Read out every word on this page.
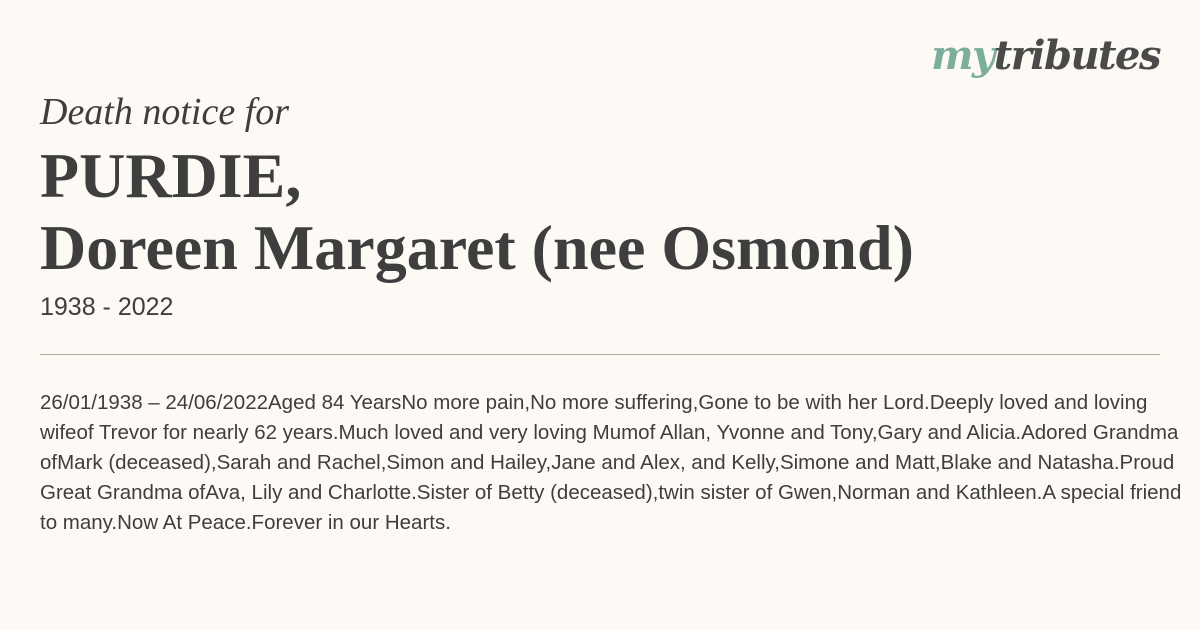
mytributes

Death notice for

PURDIE,
Doreen Margaret (nee Osmond)

1938 - 2022

26/01/1938 – 24/06/2022Aged 84 YearsNo more pain,No more suffering,Gone to be with her Lord.Deeply loved and loving wifeof Trevor for nearly 62 years.Much loved and very loving Mumof Allan, Yvonne and Tony,Gary and Alicia.Adored Grandma ofMark (deceased),Sarah and Rachel,Simon and Hailey,Jane and Alex, and Kelly,Simone and Matt,Blake and Natasha.Proud Great Grandma ofAva, Lily and Charlotte.Sister of Betty (deceased),twin sister of Gwen,Norman and Kathleen.A special friend to many.Now At Peace.Forever in our Hearts.
